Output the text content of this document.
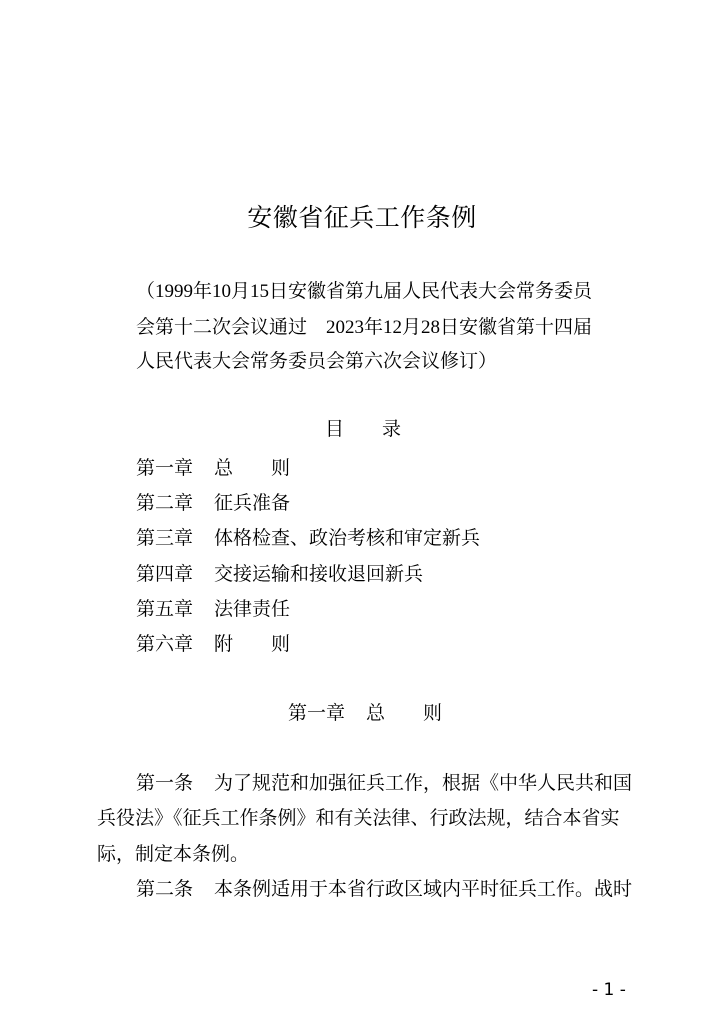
安徽省征兵工作条例
（1999年10月15日安徽省第九届人民代表大会常务委员
会第十二次会议通过　2023年12月28日安徽省第十四届
人民代表大会常务委员会第六次会议修订）
目 录
第一章 总　　则
第二章 征兵准备
第三章 体格检查、政治考核和审定新兵
第四章 交接运输和接收退回新兵
第五章 法律责任
第六章 附　　则
第一章 总　　则
第一条 为了规范和加强征兵工作，根据《中华人民共和国
兵役法》《征兵工作条例》和有关法律、行政法规，结合本省实
际，制定本条例。
第二条 本条例适用于本省行政区域内平时征兵工作。战时
- 1 -
